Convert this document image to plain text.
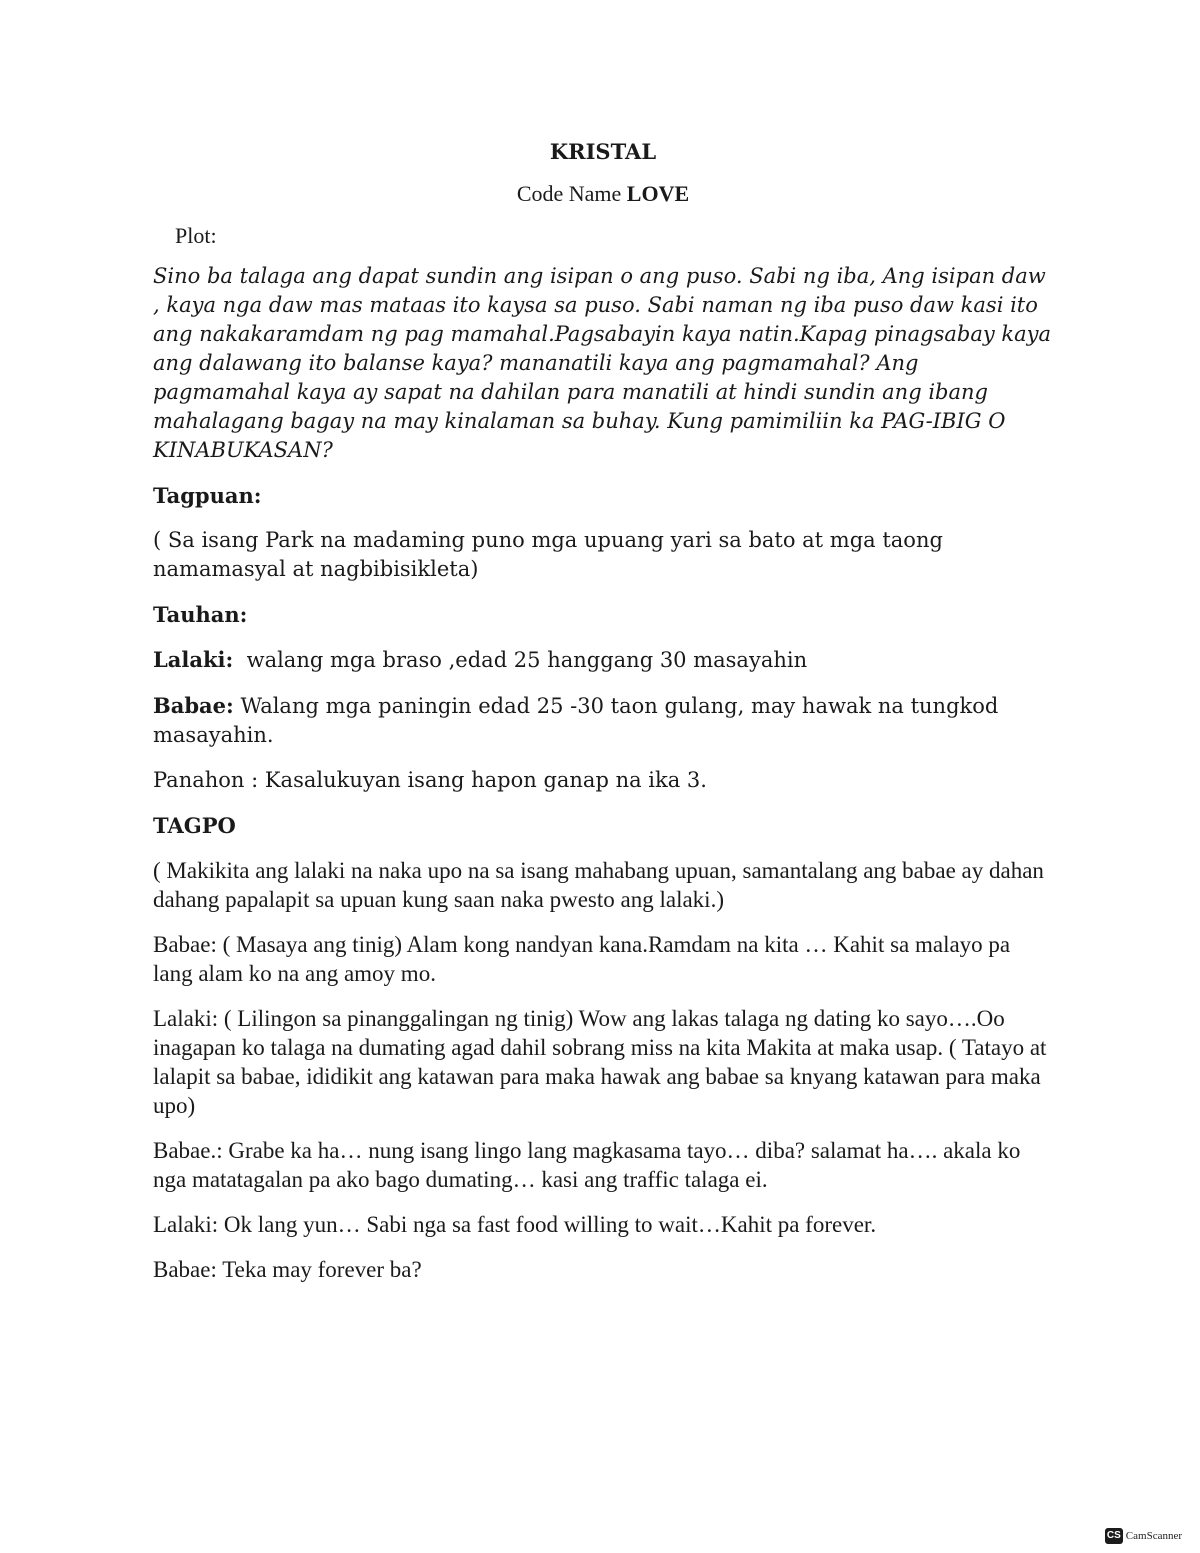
KRISTAL
Code Name LOVE
Plot:

Sino ba talaga ang dapat sundin ang isipan o ang puso. Sabi ng iba, Ang isipan daw , kaya nga daw mas mataas ito kaysa sa puso. Sabi naman ng iba puso daw kasi ito ang nakakaramdam ng pag mamahal.Pagsabayin kaya natin.Kapag pinagsabay kaya ang dalawang ito balanse kaya? mananatili kaya ang pagmamahal? Ang pagmamahal kaya ay sapat na dahilan para manatili at hindi sundin ang ibang mahalagang bagay na may kinalaman sa buhay. Kung pamimiliin ka PAG-IBIG O KINABUKASAN?

Tagpuan:

( Sa isang Park na madaming puno mga upuang yari sa bato at mga taong namamasyal at nagbibisikleta)

Tauhan:

Lalaki:  walang mga braso ,edad 25 hanggang 30 masayahin

Babae: Walang mga paningin edad 25 -30 taon gulang, may hawak na tungkod masayahin.

Panahon : Kasalukuyan isang hapon ganap na ika 3.

TAGPO

( Makikita ang lalaki na naka upo na sa isang mahabang upuan, samantalang ang babae ay dahan dahang papalapit sa upuan kung saan naka pwesto ang lalaki.)

Babae: ( Masaya ang tinig) Alam kong nandyan kana.Ramdam na kita … Kahit sa malayo pa lang alam ko na ang amoy mo.

Lalaki: ( Lilingon sa pinanggalingan ng tinig) Wow ang lakas talaga ng dating ko sayo….Oo inagapan ko talaga na dumating agad dahil sobrang miss na kita Makita at maka usap. ( Tatayo at lalapit sa babae, ididikit ang katawan para maka hawak ang babae sa knyang katawan para maka upo)

Babae.: Grabe ka ha… nung isang lingo lang magkasama tayo… diba? salamat ha…. akala ko nga matatagalan pa ako bago dumating… kasi ang traffic talaga ei.

Lalaki: Ok lang yun… Sabi nga sa fast food willing to wait…Kahit pa forever.

Babae: Teka may forever ba?

CS CamScanner
